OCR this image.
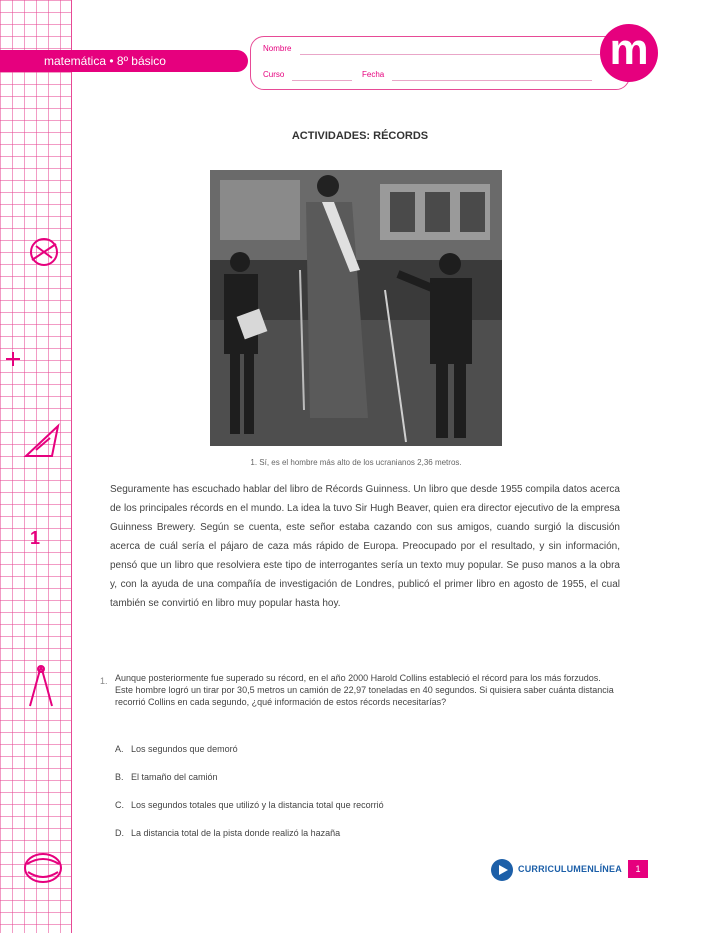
1
matemática • 8º básico
Nombre
Curso	Fecha
m
ACTIVIDADES: RÉCORDS
1. Sí, es el hombre más alto de los ucranianos 2,36 metros.
Seguramente has escuchado hablar del libro de Récords Guinness. Un libro que desde 1955 compila datos acerca de los principales récords en el mundo. La idea la tuvo Sir Hugh Beaver, quien era director ejecutivo de la empresa Guinness Brewery. Según se cuenta, este señor estaba cazando con sus amigos, cuando surgió la discusión acerca de cuál sería el pájaro de caza más rápido de Europa. Preocupado por el resultado, y sin información, pensó que un libro que resolviera este tipo de interrogantes sería un texto muy popular. Se puso manos a la obra y, con la ayuda de una compañía de investigación de Londres, publicó el primer libro en agosto de 1955, el cual también se convirtió en libro muy popular hasta hoy.
1. Aunque posteriormente fue superado su récord, en el año 2000 Harold Collins estableció el récord para los más forzudos. Este hombre logró un tirar por 30,5 metros un camión de 22,97 toneladas en 40 segundos. Si quisiera saber cuánta distancia recorrió Collins en cada segundo, ¿qué información de estos récords necesitarías?
A. Los segundos que demoró
B. El tamaño del camión
C. Los segundos totales que utilizó y la distancia total que recorrió
D. La distancia total de la pista donde realizó la hazaña
CURRICULUMENLÍNEA	1
